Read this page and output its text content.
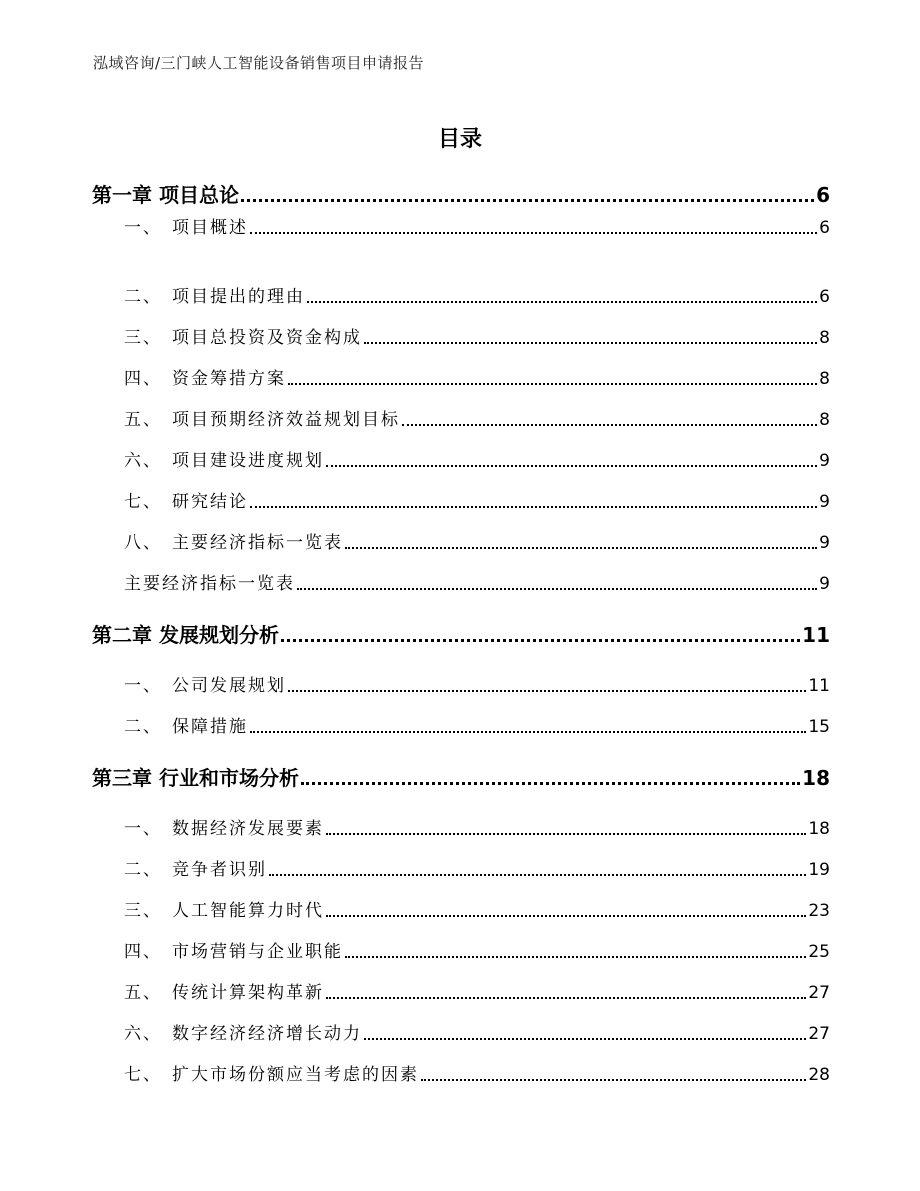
泓域咨询/三门峡人工智能设备销售项目申请报告
目录
第一章 项目总论	6
一、 项目概述	6
二、 项目提出的理由	6
三、 项目总投资及资金构成	8
四、 资金筹措方案	8
五、 项目预期经济效益规划目标	8
六、 项目建设进度规划	9
七、 研究结论	9
八、 主要经济指标一览表	9
主要经济指标一览表	9
第二章 发展规划分析	11
一、 公司发展规划	11
二、 保障措施	15
第三章 行业和市场分析	18
一、 数据经济发展要素	18
二、 竞争者识别	19
三、 人工智能算力时代	23
四、 市场营销与企业职能	25
五、 传统计算架构革新	27
六、 数字经济经济增长动力	27
七、 扩大市场份额应当考虑的因素	28
